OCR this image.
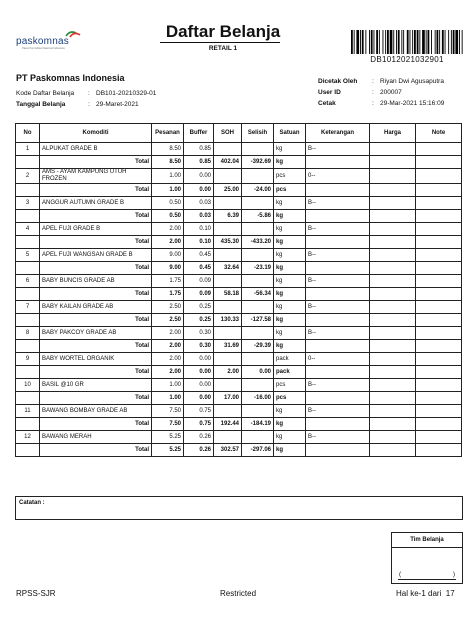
paskomnas
Pasar Komoditas Nasional Indonesia
Daftar Belanja
RETAIL 1
DB1012021032901
PT Paskomnas Indonesia
Kode Daftar Belanja : DB101-20210329-01
Tanggal Belanja	: 29-Maret-2021
Dicetak Oleh : Riyan Dwi Agusaputra
User ID	: 200007
Cetak	: 29-Mar-2021 15:16:09
No	Komoditi	Pesanan	Buffer	SOH	Selisih	Satuan	Keterangan	Harga	Note
1	ALPUKAT GRADE B	8.50	0.85			kg	B--		
	Total	8.50	0.85	402.04	-392.69	kg			
2	AMS - AYAM KAMPUNG UTUH FROZEN	1.00	0.00			pcs	0--		
	Total	1.00	0.00	25.00	-24.00	pcs			
3	ANGGUR AUTUMN GRADE B	0.50	0.03			kg	B--		
	Total	0.50	0.03	6.39	-5.86	kg			
4	APEL FUJI GRADE B	2.00	0.10			kg	B--		
	Total	2.00	0.10	435.30	-433.20	kg			
5	APEL FUJI WANGSAN GRADE B	9.00	0.45			kg	B--		
	Total	9.00	0.45	32.64	-23.19	kg			
6	BABY BUNCIS GRADE AB	1.75	0.09			kg	B--		
	Total	1.75	0.09	58.18	-56.34	kg			
7	BABY KAILAN GRADE AB	2.50	0.25			kg	B--		
	Total	2.50	0.25	130.33	-127.58	kg			
8	BABY PAKCOY GRADE AB	2.00	0.30			kg	B--		
	Total	2.00	0.30	31.69	-29.39	kg			
9	BABY WORTEL ORGANIK	2.00	0.00			pack	0--		
	Total	2.00	0.00	2.00	0.00	pack			
10	BASIL @10 GR	1.00	0.00			pcs	B--		
	Total	1.00	0.00	17.00	-16.00	pcs			
11	BAWANG BOMBAY GRADE AB	7.50	0.75			kg	B--		
	Total	7.50	0.75	192.44	-184.19	kg			
12	BAWANG MERAH	5.25	0.26			kg	B--		
	Total	5.25	0.26	302.57	-297.06	kg			
Catatan :
Tim Belanja
(	)
RPSS-SJR	Restricted	Hal ke-1 dari  17
